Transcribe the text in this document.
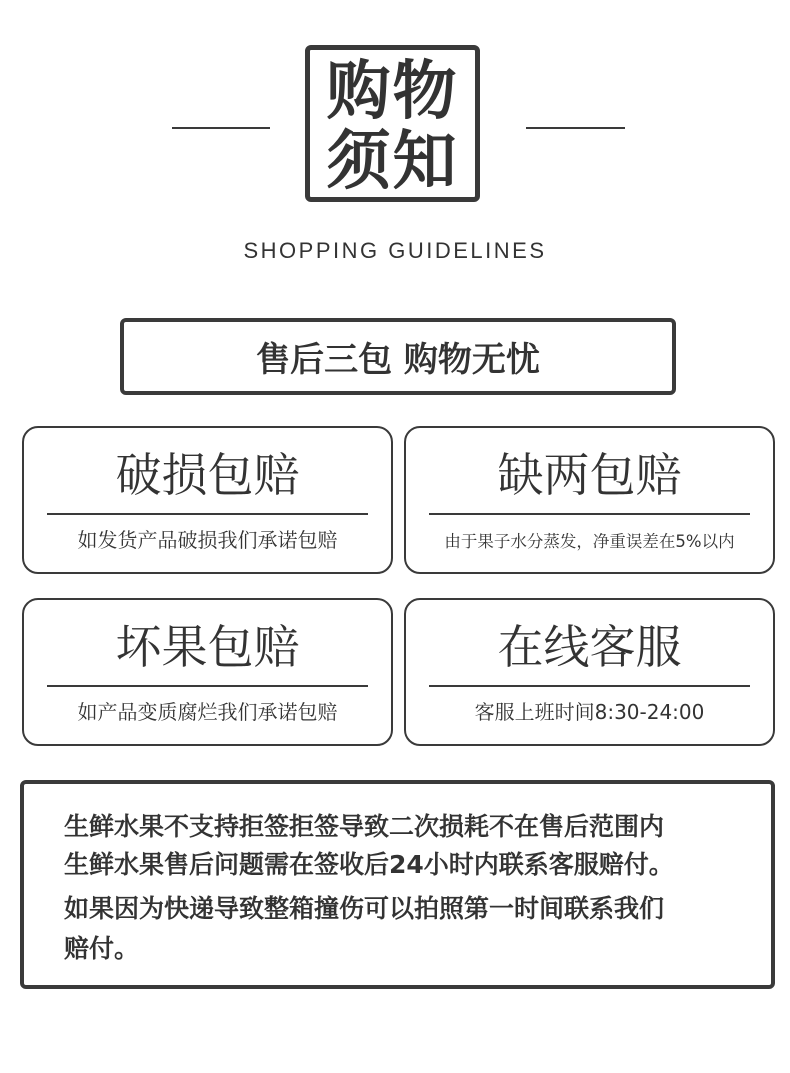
购物
须知
SHOPPING GUIDELINES
售后三包 购物无忧
破损包赔
如发货产品破损我们承诺包赔
缺两包赔
由于果子水分蒸发，净重误差在5%以内
坏果包赔
如产品变质腐烂我们承诺包赔
在线客服
客服上班时间8:30-24:00
生鲜水果不支持拒签拒签导致二次损耗不在售后范围内
生鲜水果售后问题需在签收后24小时内联系客服赔付。
如果因为快递导致整箱撞伤可以拍照第一时间联系我们
赔付。
